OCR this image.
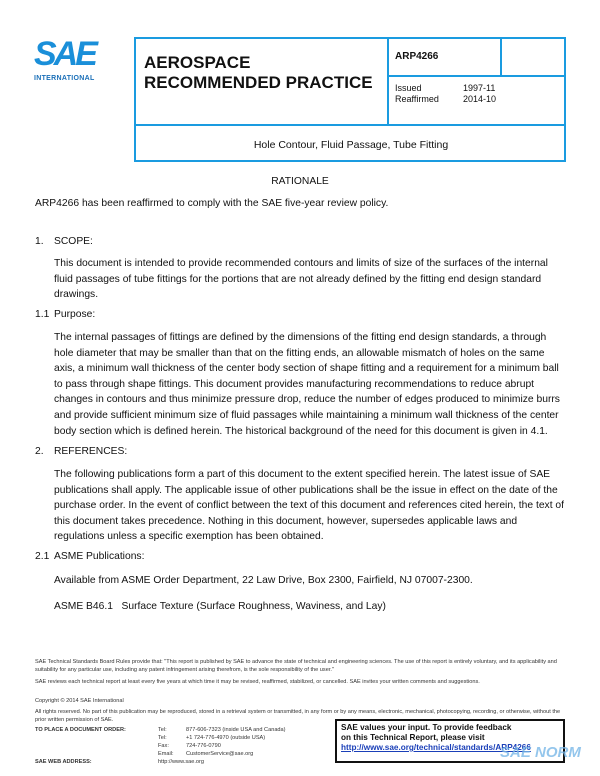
SAE
INTERNATIONAL
AEROSPACE
RECOMMENDED PRACTICE
ARP4266
Issued	1997-11
Reaffirmed	2014-10
Hole Contour, Fluid Passage, Tube Fitting
RATIONALE
ARP4266 has been reaffirmed to comply with the SAE five-year review policy.
1. SCOPE:
This document is intended to provide recommended contours and limits of size of the surfaces of the internal fluid passages of tube fittings for the portions that are not already defined by the fitting end design standard drawings.
1.1 Purpose:
The internal passages of fittings are defined by the dimensions of the fitting end design standards, a through hole diameter that may be smaller than that on the fitting ends, an allowable mismatch of holes on the same axis, a minimum wall thickness of the center body section of shape fitting and a requirement for a minimum ball to pass through shape fittings. This document provides manufacturing recommendations to reduce abrupt changes in contours and thus minimize pressure drop, reduce the number of edges produced to minimize burrs and provide sufficient minimum size of fluid passages while maintaining a minimum wall thickness of the center body section which is defined herein. The historical background of the need for this document is given in 4.1.
2. REFERENCES:
The following publications form a part of this document to the extent specified herein. The latest issue of SAE publications shall apply. The applicable issue of other publications shall be the issue in effect on the date of the purchase order. In the event of conflict between the text of this document and references cited herein, the text of this document takes precedence. Nothing in this document, however, supersedes applicable laws and regulations unless a specific exemption has been obtained.
2.1 ASME Publications:
Available from ASME Order Department, 22 Law Drive, Box 2300, Fairfield, NJ 07007-2300.
ASME B46.1   Surface Texture (Surface Roughness, Waviness, and Lay)
SAE Technical Standards Board Rules provide that: "This report is published by SAE to advance the state of technical and engineering sciences. The use of this report is entirely voluntary, and its applicability and suitability for any particular use, including any patent infringement arising therefrom, is the sole responsibility of the user."
SAE reviews each technical report at least every five years at which time it may be revised, reaffirmed, stabilized, or cancelled. SAE invites your written comments and suggestions.
Copyright © 2014 SAE International
All rights reserved. No part of this publication may be reproduced, stored in a retrieval system or transmitted, in any form or by any means, electronic, mechanical, photocopying, recording, or otherwise, without the prior written permission of SAE.
TO PLACE A DOCUMENT ORDER:	Tel:	877-606-7323 (inside USA and Canada)
Tel:	+1 724-776-4970 (outside USA)
Fax:	724-776-0790
Email: CustomerService@sae.org
SAE WEB ADDRESS:	http://www.sae.org
SAE values your input. To provide feedback
on this Technical Report, please visit
http://www.sae.org/technical/standards/ARP4266
SAE NORM
